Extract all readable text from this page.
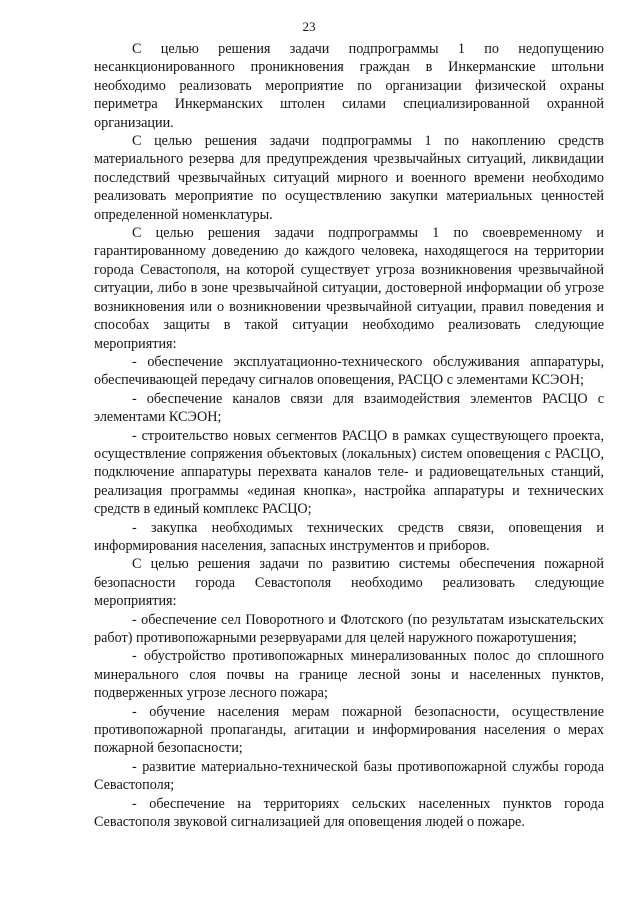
23

С целью решения задачи подпрограммы 1 по недопущению несанкционированного проникновения граждан в Инкерманские штольни необходимо реализовать мероприятие по организации физической охраны периметра Инкерманских штолен силами специализированной охранной организации.

С целью решения задачи подпрограммы 1 по накоплению средств материального резерва для предупреждения чрезвычайных ситуаций, ликвидации последствий чрезвычайных ситуаций мирного и военного времени необходимо реализовать мероприятие по осуществлению закупки материальных ценностей определенной номенклатуры.

С целью решения задачи подпрограммы 1 по своевременному и гарантированному доведению до каждого человека, находящегося на территории города Севастополя, на которой существует угроза возникновения чрезвычайной ситуации, либо в зоне чрезвычайной ситуации, достоверной информации об угрозе возникновения или о возникновении чрезвычайной ситуации, правил поведения и способах защиты в такой ситуации необходимо реализовать следующие мероприятия:

- обеспечение эксплуатационно-технического обслуживания аппаратуры, обеспечивающей передачу сигналов оповещения, РАСЦО с элементами КСЭОН;

- обеспечение каналов связи для взаимодействия элементов РАСЦО с элементами КСЭОН;

- строительство новых сегментов РАСЦО в рамках существующего проекта, осуществление сопряжения объектовых (локальных) систем оповещения с РАСЦО, подключение аппаратуры перехвата каналов теле- и радиовещательных станций, реализация программы «единая кнопка», настройка аппаратуры и технических средств в единый комплекс РАСЦО;

- закупка необходимых технических средств связи, оповещения и информирования населения, запасных инструментов и приборов.

С целью решения задачи по развитию системы обеспечения пожарной безопасности города Севастополя необходимо реализовать следующие мероприятия:

- обеспечение сел Поворотного и Флотского (по результатам изыскательских работ) противопожарными резервуарами для целей наружного пожаротушения;

- обустройство противопожарных минерализованных полос до сплошного минерального слоя почвы на границе лесной зоны и населенных пунктов, подверженных угрозе лесного пожара;

- обучение населения мерам пожарной безопасности, осуществление противопожарной пропаганды, агитации и информирования населения о мерах пожарной безопасности;

- развитие материально-технической базы противопожарной службы города Севастополя;

- обеспечение на территориях сельских населенных пунктов города Севастополя звуковой сигнализацией для оповещения людей о пожаре.
